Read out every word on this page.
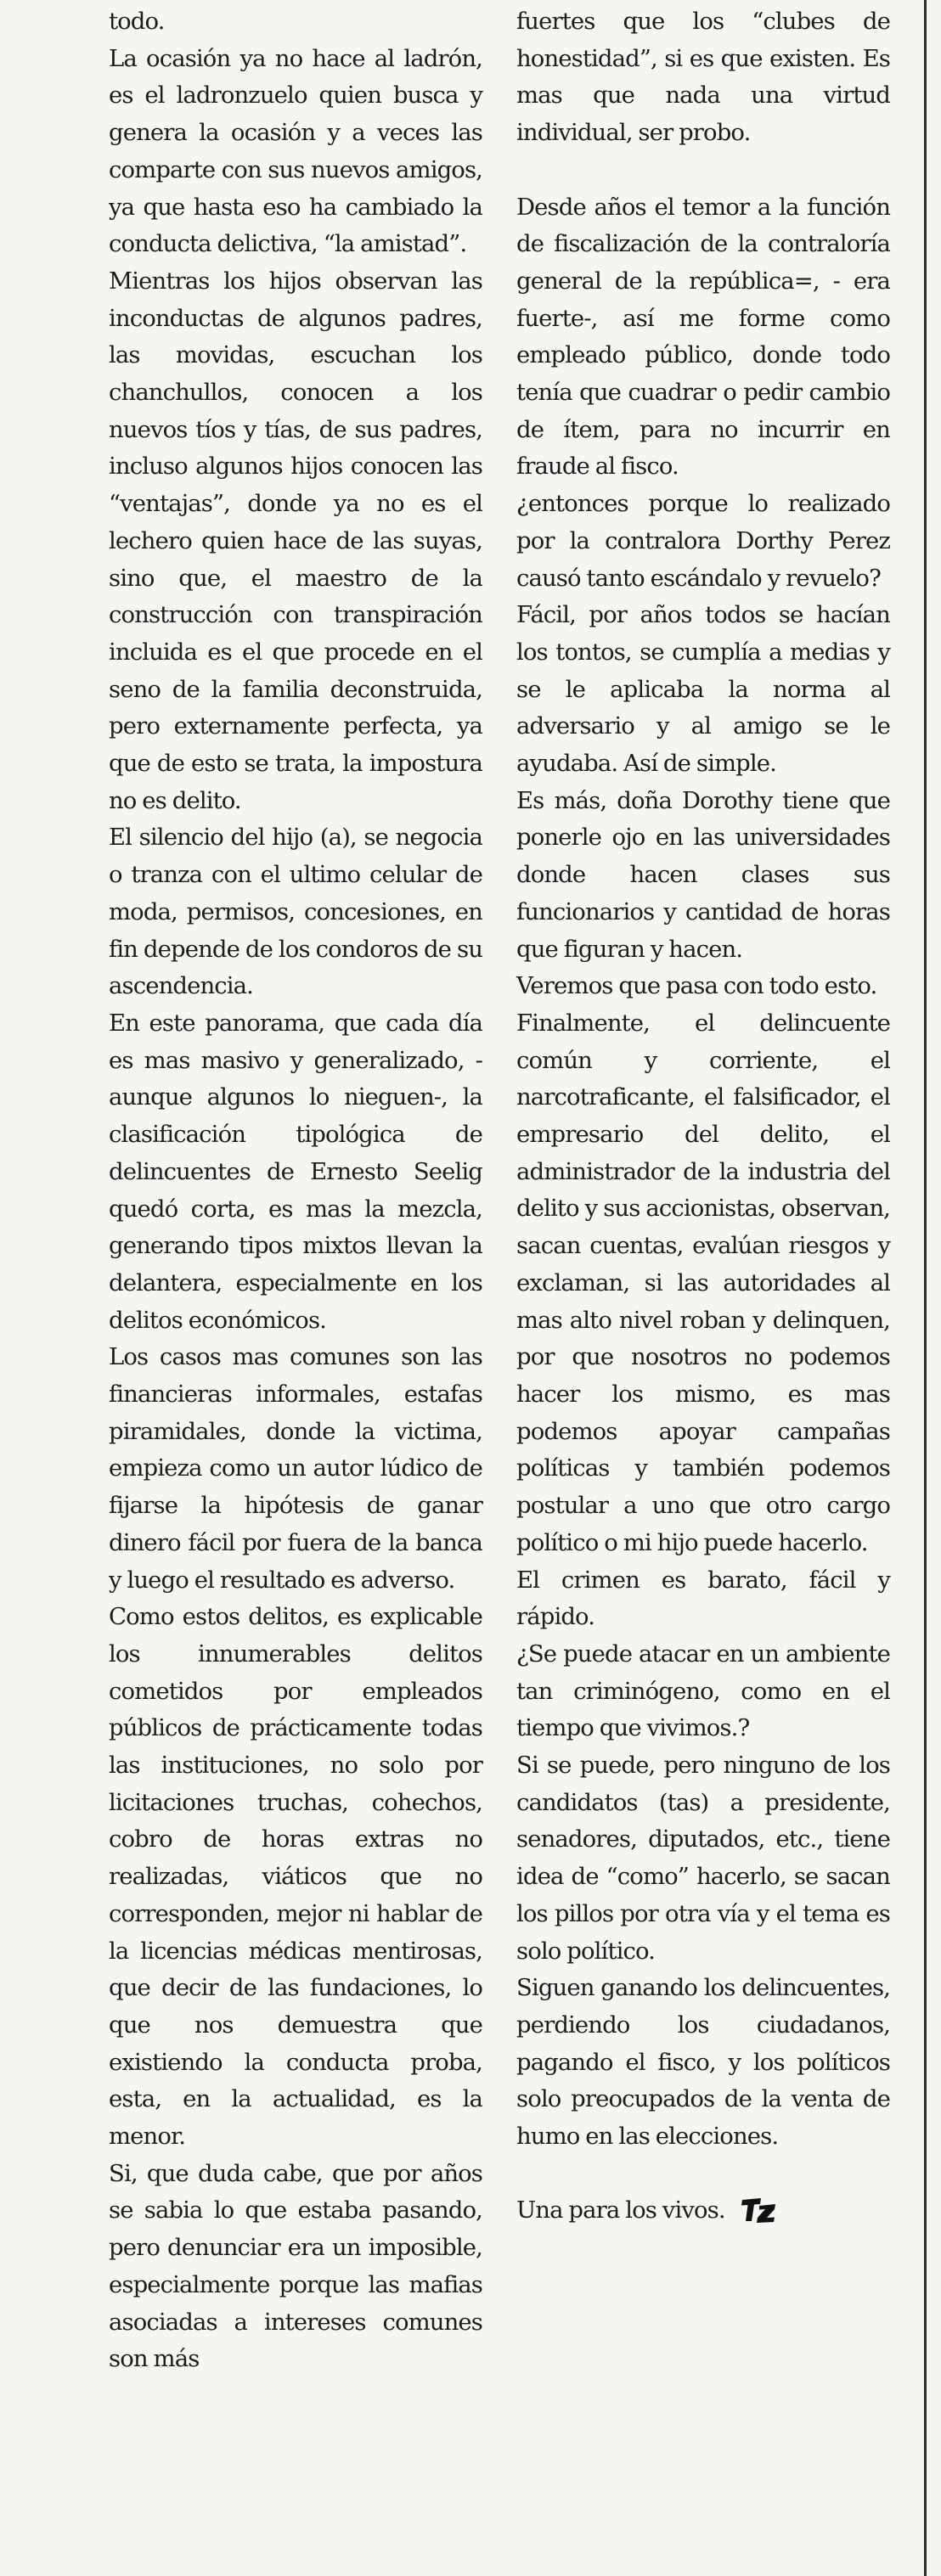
todo.

La ocasión ya no hace al ladrón, es el ladronzuelo quien busca y genera la ocasión y a veces las comparte con sus nuevos amigos, ya que hasta eso ha cambiado la conducta delictiva, “la amistad”.

Mientras los hijos observan las inconductas de algunos padres, las movidas, escuchan los chanchullos, conocen a los nuevos tíos y tías, de sus padres, incluso algunos hijos conocen las “ventajas”, donde ya no es el lechero quien hace de las suyas, sino que, el maestro de la construcción con transpiración incluida es el que procede en el seno de la familia deconstruida, pero externamente perfecta, ya que de esto se trata, la impostura no es delito.

El silencio del hijo (a), se negocia o tranza con el ultimo celular de moda, permisos, concesiones, en fin depende de los condoros de su ascendencia.

En este panorama, que cada día es mas masivo y generalizado, -aunque algunos lo nieguen-, la clasificación tipológica de delincuentes de Ernesto Seelig quedó corta, es mas la mezcla, generando tipos mixtos llevan la delantera, especialmente en los delitos económicos.

Los casos mas comunes son las financieras informales, estafas piramidales, donde la victima, empieza como un autor lúdico de fijarse la hipótesis de ganar dinero fácil por fuera de la banca y luego el resultado es adverso.

Como estos delitos, es explicable los innumerables delitos cometidos por empleados públicos de prácticamente todas las instituciones, no solo por licitaciones truchas, cohechos, cobro de horas extras no realizadas, viáticos que no corresponden, mejor ni hablar de la licencias médicas mentirosas, que decir de las fundaciones, lo que nos demuestra que existiendo la conducta proba, esta, en la actualidad, es la menor.

Si, que duda cabe, que por años se sabia lo que estaba pasando, pero denunciar era un imposible, especialmente porque las mafias asociadas a intereses comunes son más

fuertes que los “clubes de honestidad”, si es que existen. Es mas que nada una virtud individual, ser probo.

Desde años el temor a la función de fiscalización de la contraloría general de la república=, - era fuerte-, así me forme como empleado público, donde todo tenía que cuadrar o pedir cambio de ítem, para no incurrir en fraude al fisco.

¿entonces porque lo realizado por la contralora Dorthy Perez causó tanto escándalo y revuelo?

Fácil, por años todos se hacían los tontos, se cumplía a medias y se le aplicaba la norma al adversario y al amigo se le ayudaba. Así de simple.

Es más, doña Dorothy tiene que ponerle ojo en las universidades donde hacen clases sus funcionarios y cantidad de horas que figuran y hacen.

Veremos que pasa con todo esto.

Finalmente, el delincuente común y corriente, el narcotraficante, el falsificador, el empresario del delito, el administrador de la industria del delito y sus accionistas, observan, sacan cuentas, evalúan riesgos y exclaman, si las autoridades al mas alto nivel roban y delinquen, por que nosotros no podemos hacer los mismo, es mas podemos apoyar campañas políticas y también podemos postular a uno que otro cargo político o mi hijo puede hacerlo.

El crimen es barato, fácil y rápido.

¿Se puede atacar en un ambiente tan criminógeno, como en el tiempo que vivimos.?

Si se puede, pero ninguno de los candidatos (tas) a presidente, senadores, diputados, etc., tiene idea de “como” hacerlo, se sacan los pillos por otra vía y el tema es solo político.

Siguen ganando los delincuentes, perdiendo los ciudadanos, pagando el fisco, y los políticos solo preocupados de la venta de humo en las elecciones.

Una para los vivos.
